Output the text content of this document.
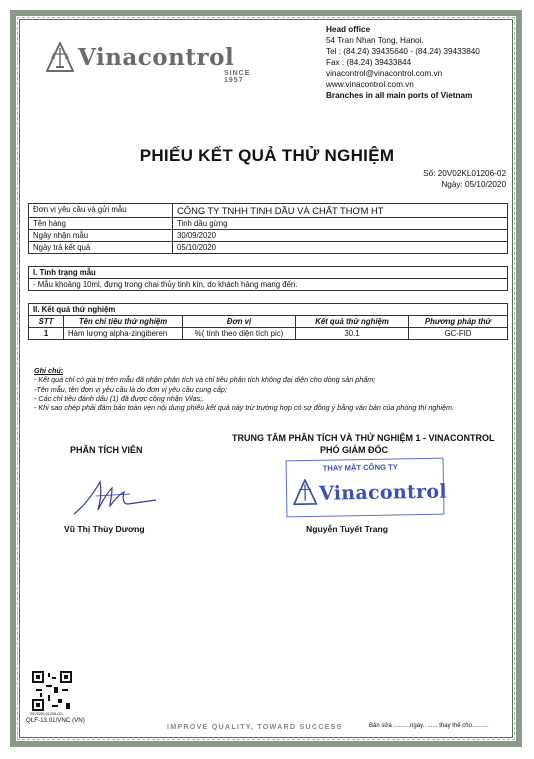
Vinacontrol
SINCE 1957
Head office
54 Tran Nhan Tong, Hanoi.
Tel : (84.24) 39435640 - (84.24) 39433840
Fax : (84.24) 39433844
vinacontrol@vinacontrol.com.vn
www.vinacontrol.com.vn
Branches in all main ports of Vietnam
PHIẾU KẾT QUẢ THỬ NGHIỆM
Số: 20V02KL01206-02
Ngày: 05/10/2020
Đơn vị yêu cầu và gửi mẫu	CÔNG TY TNHH TINH DẦU VÀ CHẤT THƠM HT
Tên hàng	Tinh dầu gừng
Ngày nhận mẫu	30/09/2020
Ngày trả kết quả	05/10/2020
I. Tình trạng mẫu
- Mẫu khoảng 10ml, đựng trong chai thủy tinh kín, do khách hàng mang đến.
II. Kết quả thử nghiệm
STT	Tên chỉ tiêu thử nghiệm	Đơn vị	Kết quả thử nghiệm	Phương pháp thử
1	Hàm lượng alpha-zingiberen	%( tính theo diện tích pic)	30.1	GC-FID
Ghi chú:
- Kết quả chỉ có giá trị trên mẫu đã nhận phân tích và chỉ tiêu phân tích không đại diện cho dòng sản phẩm;
-Tên mẫu, tên đơn vị yêu cầu là do đơn vị yêu cầu cung cấp;
- Các chỉ tiêu đánh dấu (1) đã được công nhận Vilas;.
- Khi sao chép phải đảm bảo toàn vẹn nội dung phiếu kết quả này trừ trường hợp có sự đồng ý bằng văn bản của phòng thí nghiệm.
PHÂN TÍCH VIÊN
TRUNG TÂM PHÂN TÍCH VÀ THỬ NGHIỆM 1 - VINACONTROL
PHÓ GIÁM ĐỐC
THAY MẶT CÔNG TY
Vinacontrol
Vũ Thị Thùy Dương	Nguyễn Tuyết Trang
20V02KL01206-02-
QLF-13.01/VNC (VN)
IMPROVE QUALITY, TOWARD SUCCESS	Bản sửa ..........ngày.. ...... thay thế cho..........
